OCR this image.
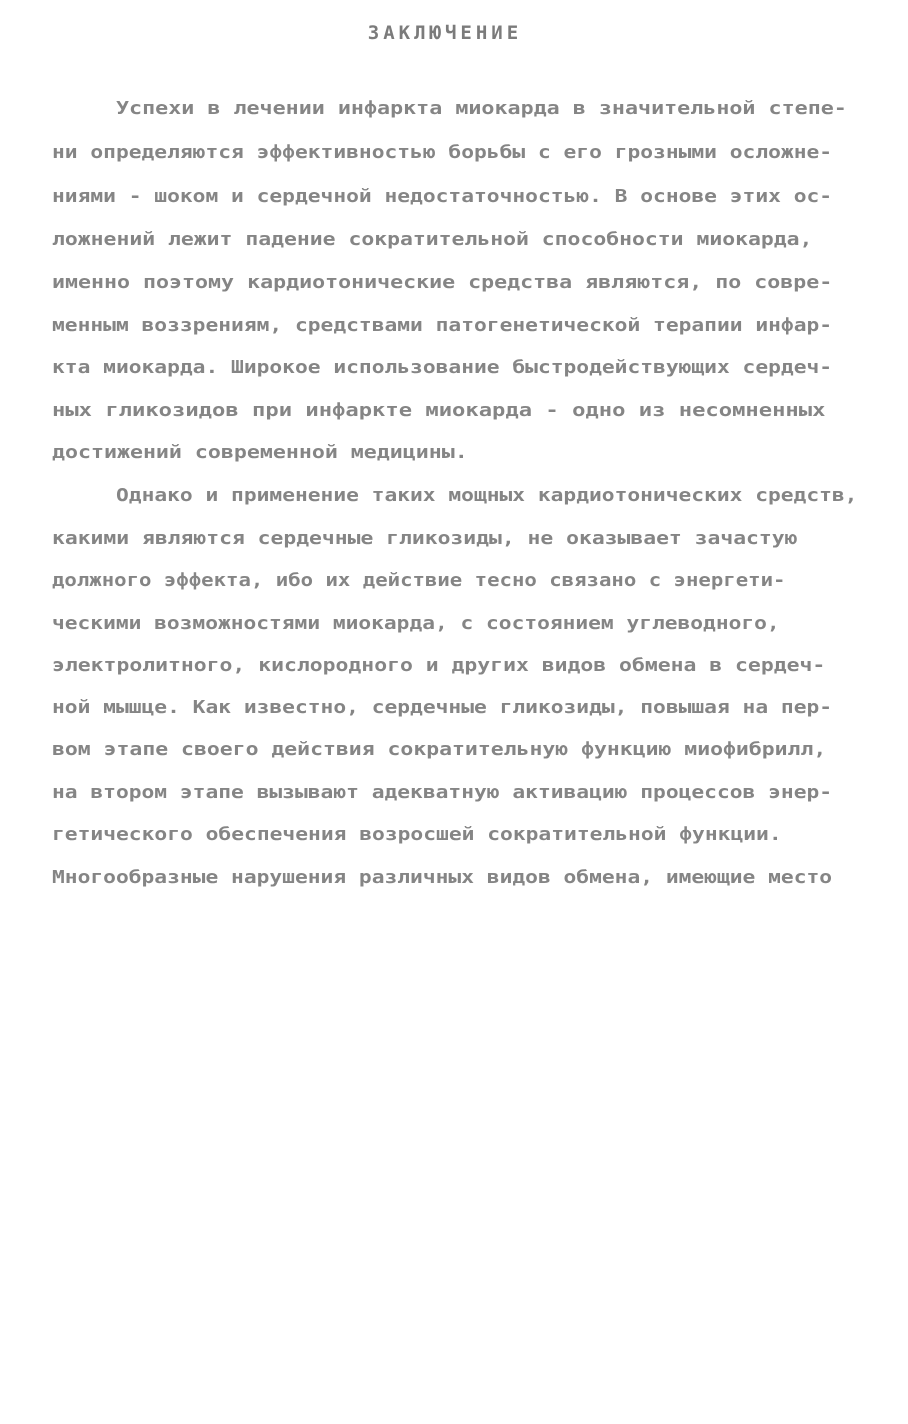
ЗАКЛЮЧЕНИЕ

Успехи в лечении инфаркта миокарда в значительной степе-

ни определяются эффективностью борьбы с его грозными осложне-

ниями - шоком и сердечной недостаточностью. В основе этих ос-

ложнений лежит падение сократительной способности миокарда,

именно поэтому кардиотонические средства являются, по совре-

менным воззрениям, средствами патогенетической терапии инфар-

кта миокарда. Широкое использование быстродействующих сердеч-

ных гликозидов при инфаркте миокарда - одно из несомненных

достижений современной медицины.

Однако и применение таких мощных кардиотонических средств,

какими являются сердечные гликозиды, не оказывает зачастую

должного эффекта, ибо их действие тесно связано с энергети-

ческими возможностями миокарда, с состоянием углеводного,

электролитного, кислородного и других видов обмена в сердеч-

ной мышце. Как известно, сердечные гликозиды, повышая на пер-

вом этапе своего действия сократительную функцию миофибрилл,

на втором этапе вызывают адекватную активацию процессов энер-

гетического обеспечения возросшей сократительной функции.

Многообразные нарушения различных видов обмена, имеющие место
